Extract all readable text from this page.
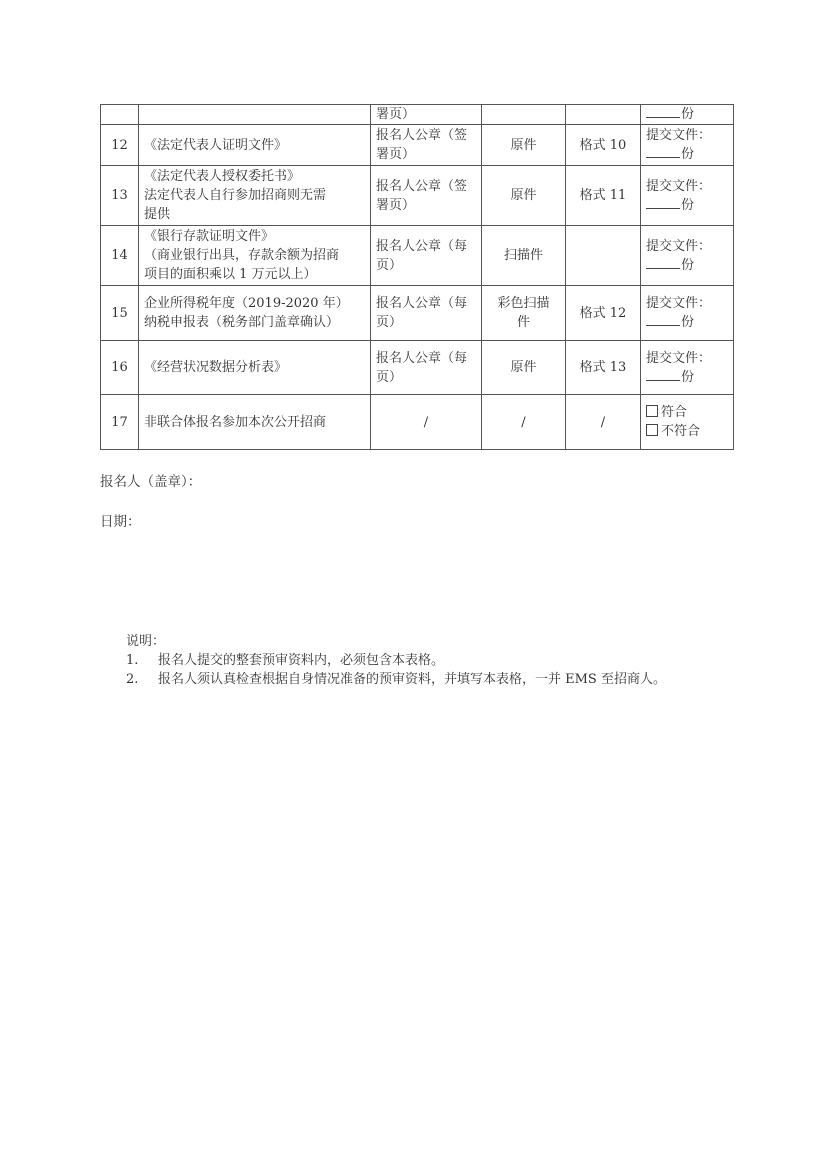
		署页）			份
12	《法定代表人证明文件》	报名人公章（签
署页）	原件	格式 10	提交文件：
份

13	《法定代表人授权委托书》
法定代表人自行参加招商则无需
提供	报名人公章（签
署页）	原件	格式 11	提交文件：
份

14	《银行存款证明文件》
（商业银行出具，存款余额为招商
项目的面积乘以 1 万元以上）	报名人公章（每
页）	扫描件		提交文件：
份

15	企业所得税年度（2019-2020 年）
纳税申报表（税务部门盖章确认）	报名人公章（每
页）	彩色扫描
件	格式 12	提交文件：
份

16	《经营状况数据分析表》	报名人公章（每
页）	原件	格式 13	提交文件：
份

17	非联合体报名参加本次公开招商	/	/	/	符合
不符合
报名人（盖章）：
日期：
说明：
1. 报名人提交的整套预审资料内，必须包含本表格。
2. 报名人须认真检查根据自身情况准备的预审资料，并填写本表格，一并 EMS 至招商人。
